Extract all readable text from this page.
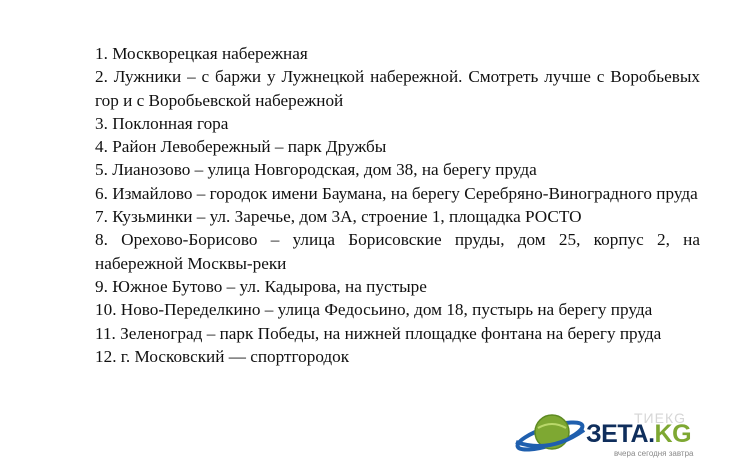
1. Москворецкая набережная
2. Лужники – с баржи у Лужнецкой набережной. Смотреть лучше с Воробьевых гор и с Воробьевской набережной
3. Поклонная гора
4. Район Левобережный – парк Дружбы
5. Лианозово – улица Новгородская, дом 38, на берегу пруда
6. Измайлово – городок имени Баумана, на берегу Серебряно-Виноградного пруда
7. Кузьминки – ул. Заречье, дом 3А, строение 1, площадка РОСТО
8. Орехово-Борисово – улица Борисовские пруды, дом 25, корпус 2, на набережной Москвы-реки
9. Южное Бутово – ул. Кадырова, на пустыре
10. Ново-Переделкино – улица Федосьино, дом 18, пустырь на берегу пруда
11. Зеленоград – парк Победы, на нижней площадке фонтана на берегу пруда
12. г. Московский — спортгородок
ТИЕКG
ЗЕТА.KG
вчера сегодня завтра
